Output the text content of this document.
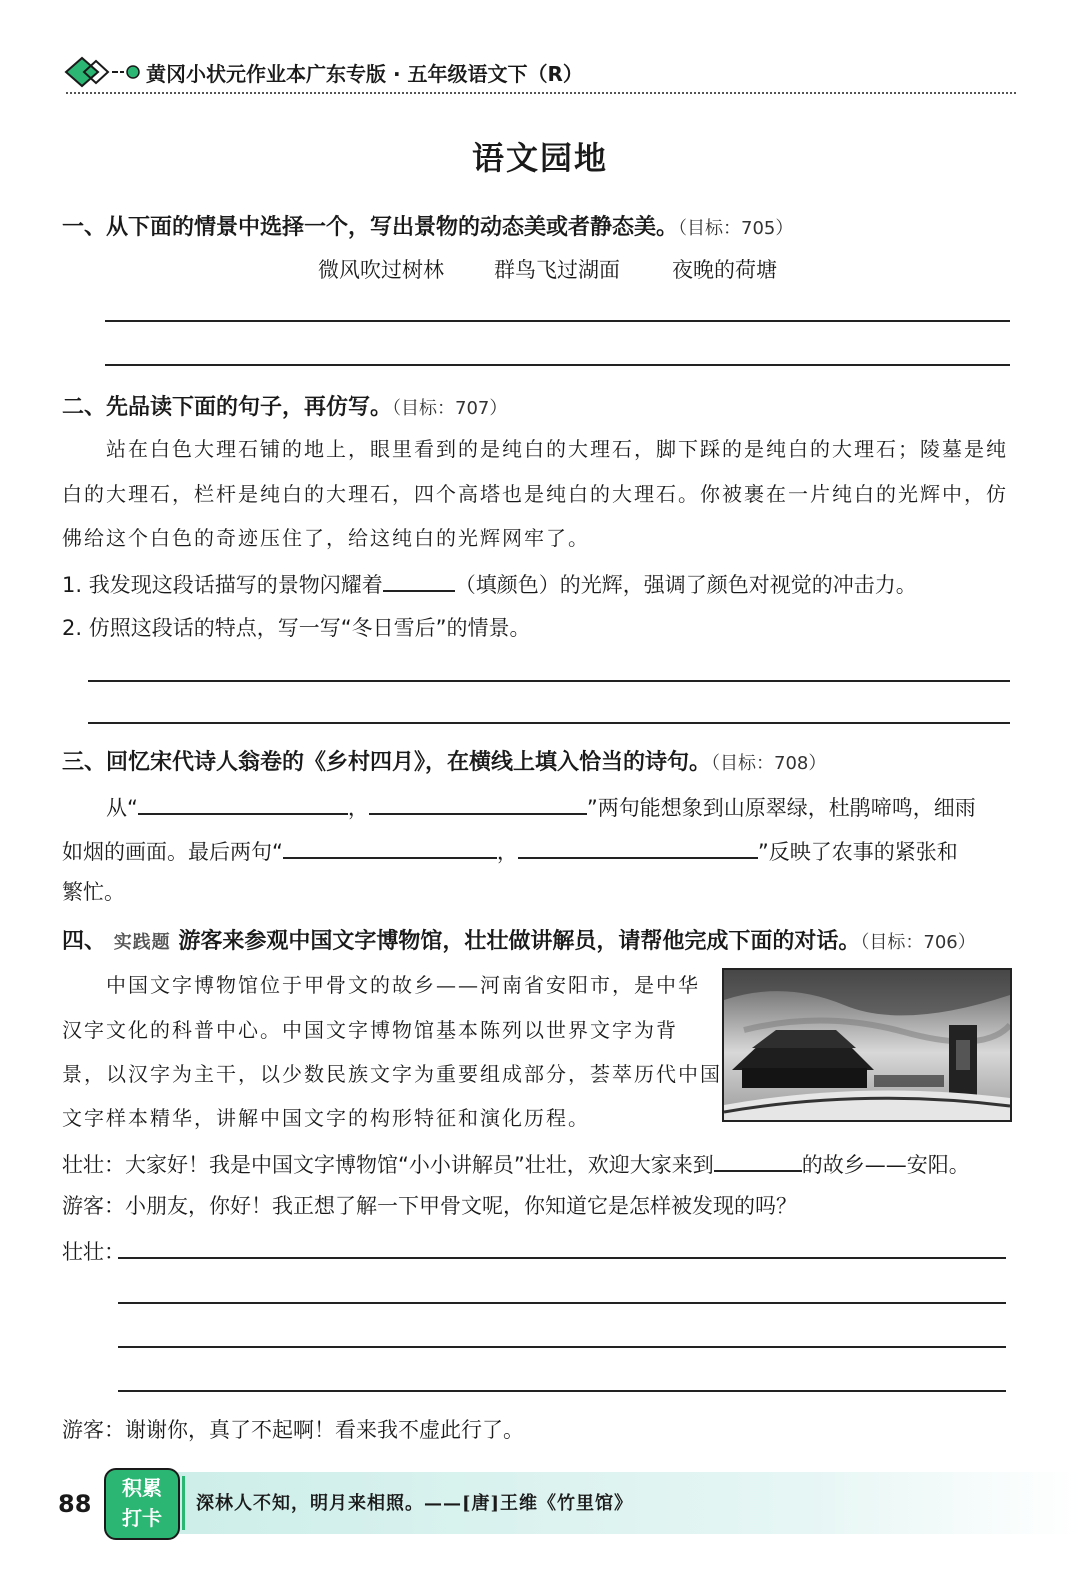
黄冈小状元作业本广东专版 · 五年级语文下（R）
语文园地
一、从下面的情景中选择一个，写出景物的动态美或者静态美。（目标：705）
微风吹过树林 群鸟飞过湖面 夜晚的荷塘
二、先品读下面的句子，再仿写。（目标：707）
站在白色大理石铺的地上，眼里看到的是纯白的大理石，脚下踩的是纯白的大理石；陵墓是纯
白的大理石，栏杆是纯白的大理石，四个高塔也是纯白的大理石。你被裹在一片纯白的光辉中，仿
佛给这个白色的奇迹压住了，给这纯白的光辉网牢了。
1. 我发现这段话描写的景物闪耀着	（填颜色）的光辉，强调了颜色对视觉的冲击力。
2. 仿照这段话的特点，写一写“冬日雪后”的情景。
三、回忆宋代诗人翁卷的《乡村四月》，在横线上填入恰当的诗句。（目标：708）
从“	，	”两句能想象到山原翠绿，杜鹃啼鸣，细雨
如烟的画面。最后两句“	，	”反映了农事的紧张和
繁忙。
四、 实践题 游客来参观中国文字博物馆，壮壮做讲解员，请帮他完成下面的对话。（目标：706）
中国文字博物馆位于甲骨文的故乡——河南省安阳市，是中华
汉字文化的科普中心。中国文字博物馆基本陈列以世界文字为背
景，以汉字为主干，以少数民族文字为重要组成部分，荟萃历代中国
文字样本精华，讲解中国文字的构形特征和演化历程。
壮壮：大家好！我是中国文字博物馆“小小讲解员”壮壮，欢迎大家来到	的故乡——安阳。
游客：小朋友，你好！我正想了解一下甲骨文呢，你知道它是怎样被发现的吗？
壮壮：
游客：谢谢你，真了不起啊！看来我不虚此行了。
88
积累
打卡
深林人不知，明月来相照。——[唐]王维《竹里馆》
